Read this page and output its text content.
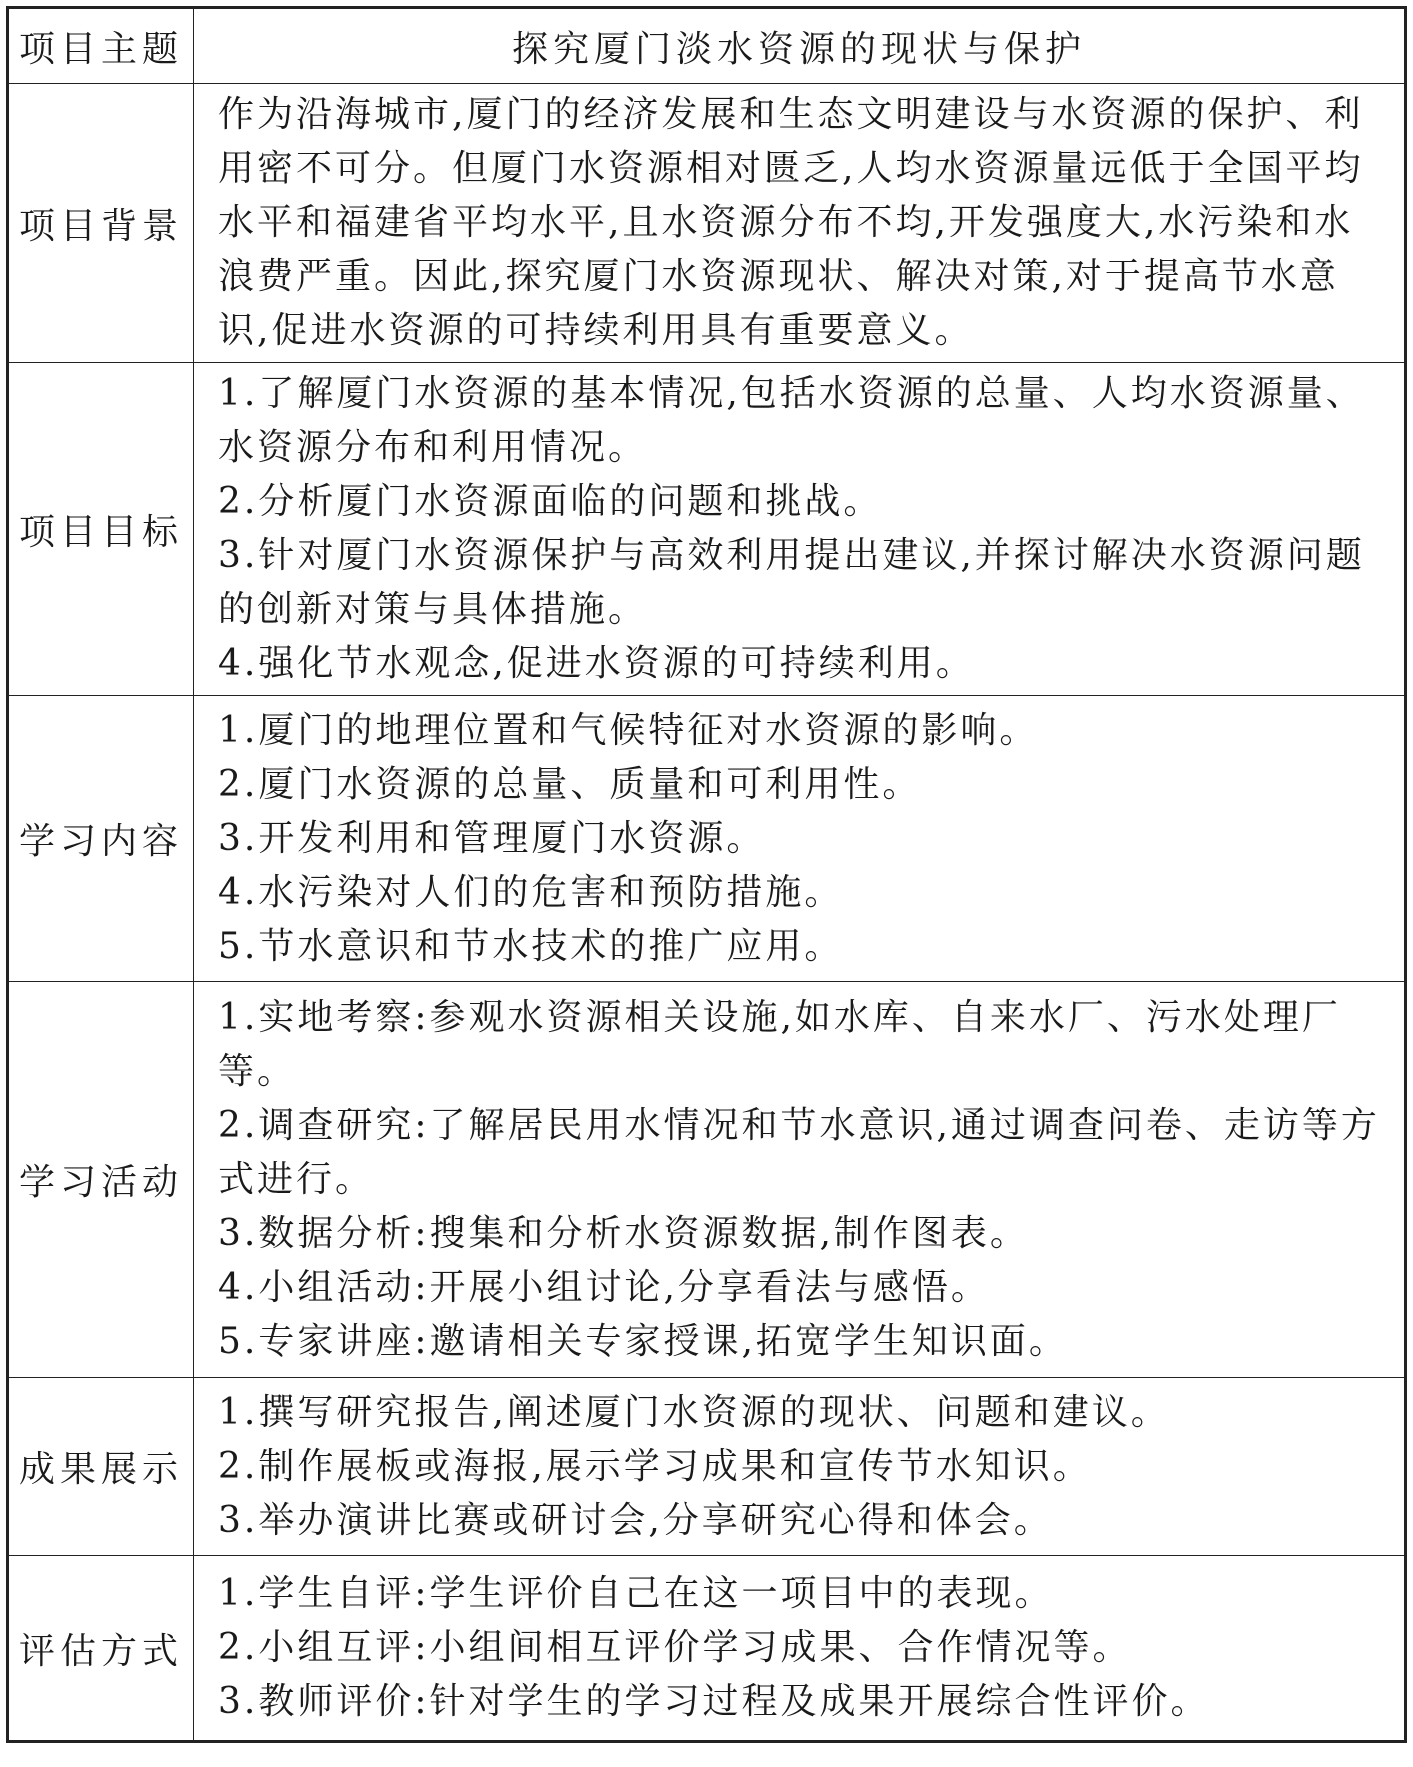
项目主题	探究厦门淡水资源的现状与保护
项目背景	作为沿海城市,厦门的经济发展和生态文明建设与水资源的保护、利用密不可分。但厦门水资源相对匮乏,人均水资源量远低于全国平均水平和福建省平均水平,且水资源分布不均,开发强度大,水污染和水浪费严重。因此,探究厦门水资源现状、解决对策,对于提高节水意识,促进水资源的可持续利用具有重要意义。

项目目标	1.了解厦门水资源的基本情况,包括水资源的总量、人均水资源量、水资源分布和利用情况。
2.分析厦门水资源面临的问题和挑战。
3.针对厦门水资源保护与高效利用提出建议,并探讨解决水资源问题的创新对策与具体措施。
4.强化节水观念,促进水资源的可持续利用。

学习内容	1.厦门的地理位置和气候特征对水资源的影响。
2.厦门水资源的总量、质量和可利用性。
3.开发利用和管理厦门水资源。
4.水污染对人们的危害和预防措施。
5.节水意识和节水技术的推广应用。

学习活动	1.实地考察:参观水资源相关设施,如水库、自来水厂、污水处理厂等。
2.调查研究:了解居民用水情况和节水意识,通过调查问卷、走访等方式进行。
3.数据分析:搜集和分析水资源数据,制作图表。
4.小组活动:开展小组讨论,分享看法与感悟。
5.专家讲座:邀请相关专家授课,拓宽学生知识面。

成果展示	1.撰写研究报告,阐述厦门水资源的现状、问题和建议。
2.制作展板或海报,展示学习成果和宣传节水知识。
3.举办演讲比赛或研讨会,分享研究心得和体会。

评估方式	1.学生自评:学生评价自己在这一项目中的表现。
2.小组互评:小组间相互评价学习成果、合作情况等。
3.教师评价:针对学生的学习过程及成果开展综合性评价。
